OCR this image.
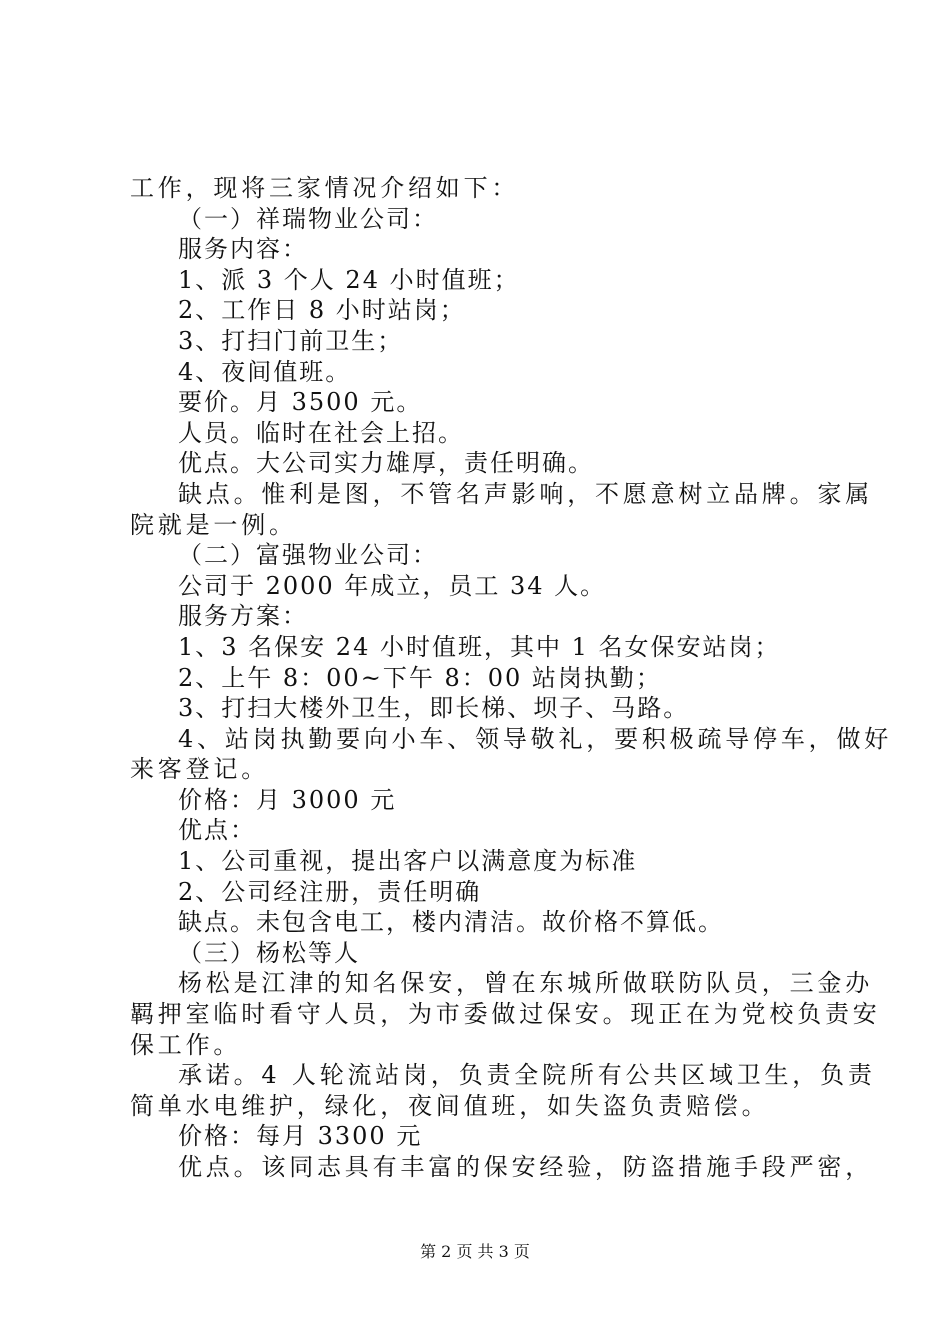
工作，现将三家情况介绍如下：
（一）祥瑞物业公司：
服务内容：
1、派 3 个人 24 小时值班；
2、工作日 8 小时站岗；
3、打扫门前卫生；
4、夜间值班。
要价。月 3500 元。
人员。临时在社会上招。
优点。大公司实力雄厚，责任明确。
缺点。惟利是图，不管名声影响，不愿意树立品牌。家属
院就是一例。
（二）富强物业公司：
公司于 2000 年成立，员工 34 人。
服务方案：
1、3 名保安 24 小时值班，其中 1 名女保安站岗；
2、上午 8：00~下午 8：00 站岗执勤；
3、打扫大楼外卫生，即长梯、坝子、马路。
4、站岗执勤要向小车、领导敬礼，要积极疏导停车，做好
来客登记。
价格：月 3000 元
优点：
1、公司重视，提出客户以满意度为标准
2、公司经注册，责任明确
缺点。未包含电工，楼内清洁。故价格不算低。
（三）杨松等人
杨松是江津的知名保安，曾在东城所做联防队员，三金办
羁押室临时看守人员，为市委做过保安。现正在为党校负责安
保工作。
承诺。4 人轮流站岗，负责全院所有公共区域卫生，负责
简单水电维护，绿化，夜间值班，如失盗负责赔偿。
价格：每月 3300 元
优点。该同志具有丰富的保安经验，防盗措施手段严密，
第 2 页 共 3 页
